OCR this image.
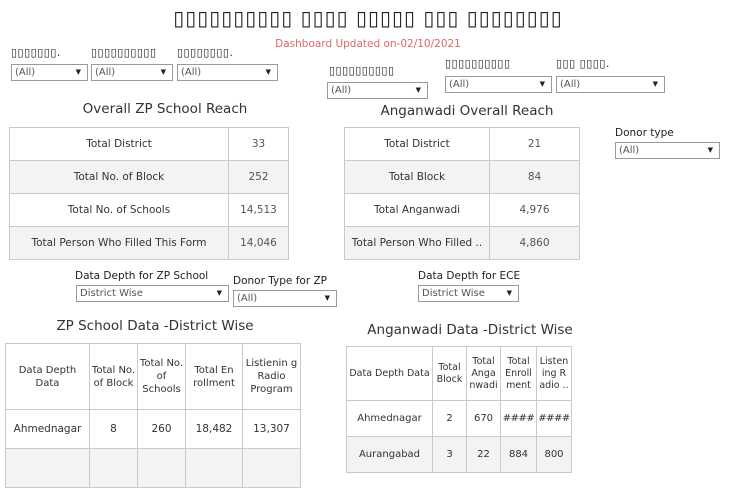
▯▯▯▯▯▯▯▯▯▯ ▯▯▯▯ ▯▯▯▯▯ ▯▯▯ ▯▯▯▯▯▯▯▯
Dashboard Updated on-02/10/2021
▯▯▯▯▯▯▯.	▯▯▯▯▯▯▯▯▯▯ ▯▯▯▯▯▯▯▯.
(All)	▼	(All)	▼	(All)	▼	▯▯▯▯▯▯▯▯▯▯
▯▯▯▯▯▯▯▯▯▯	▯▯▯ ▯▯▯▯.
(All)	▼	(All)	▼	(All)	▼
Overall ZP School Reach	Anganwadi Overall Reach
Total District	33
Total No. of Block	252
Total No. of Schools	14,513
Total Person Who Filled This Form	14,046
Total District	21
Total Block	84
Total Anganwadi	4,976
Total Person Who Filled ..	4,860
Donor type
(All)	▼
Data Depth for ZP School
District Wise	▼
Donor Type for ZP
(All)	▼
Data Depth for ECE
District Wise	▼
ZP School Data -District Wise	Anganwadi Data -District Wise
Data Depth Data	Total No. of Block	Total No. of Schools	Total En rollment	Listienin g Radio Program
Ahmednagar	8	260	18,482	13,307

Data Depth Data	Total Block	Total Anga nwadi	Total Enroll ment	Listen ing R adio ..
Ahmednagar	2	670	####	####
Aurangabad	3	22	884	800
